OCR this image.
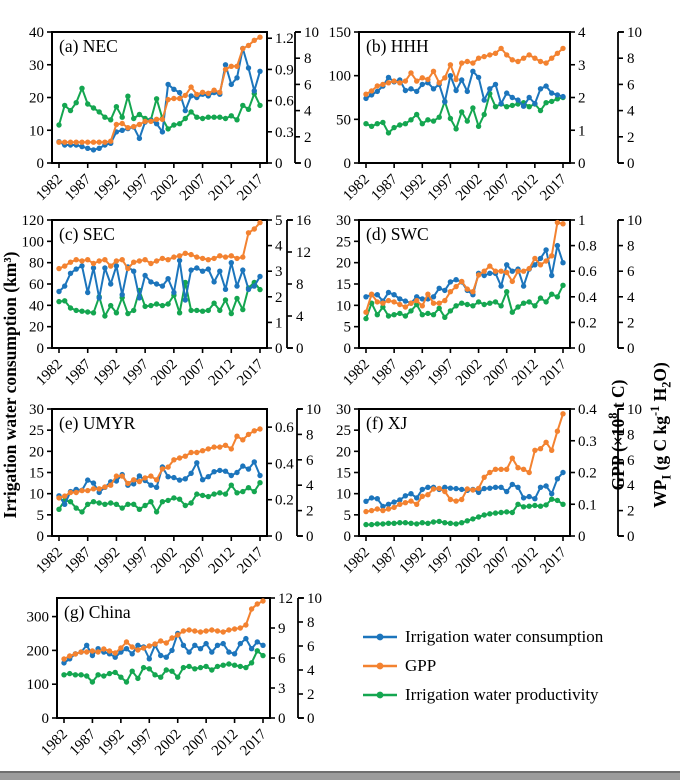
0
10
20
30
40
0
0.3
0.6
0.9
1.2
0
2
4
6
8
10
1982
1987
1992
1997
2002
2007
2012
2017
(a) NEC
0
50
100
150
0
1
2
3
4
0
2
4
6
8
10
1982
1987
1992
1997
2002
2007
2012
2017
(b) HHH
0
20
40
60
80
100
120
0
1
2
3
4
5
0
4
8
12
16
1982
1987
1992
1997
2002
2007
2012
2017
(c) SEC
0
5
10
15
20
25
30
0
0.2
0.4
0.6
0.8
1
0
2
4
6
8
10
1982
1987
1992
1997
2002
2007
2012
2017
(d) SWC
0
5
10
15
20
25
30
0
0.2
0.4
0.6
0
2
4
6
8
10
1982
1987
1992
1997
2002
2007
2012
2017
(e) UMYR
0
5
10
15
20
25
30
0
0.1
0.2
0.3
0.4
0
2
4
6
8
10
1982
1987
1992
1997
2002
2007
2012
2017
(f) XJ
0
100
200
300
0
3
6
9
12
0
2
4
6
8
10
1982
1987
1992
1997
2002
2007
2012
2017
(g) China
Irrigation water consumption (km³)	GPP ($\times 10^8$ t C)
$WP_I$ (g C $kg^{-1}$ $H_2O$)
Irrigation water consumption
GPP
Irrigation water productivity
